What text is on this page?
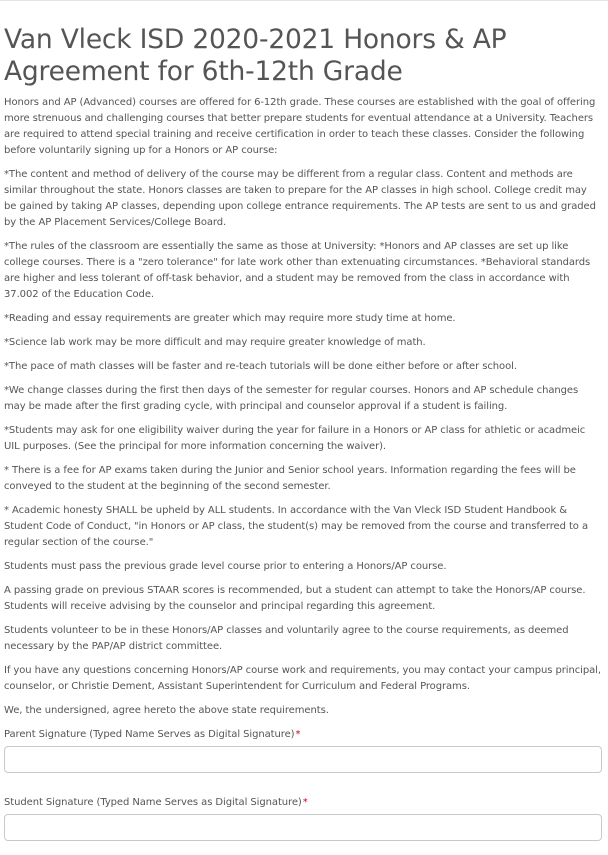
Van Vleck ISD 2020-2021 Honors & AP Agreement for 6th-12th Grade

Honors and AP (Advanced) courses are offered for 6-12th grade. These courses are established with the goal of offering more strenuous and challenging courses that better prepare students for eventual attendance at a University. Teachers are required to attend special training and receive certification in order to teach these classes. Consider the following before voluntarily signing up for a Honors or AP course:

*The content and method of delivery of the course may be different from a regular class. Content and methods are similar throughout the state. Honors classes are taken to prepare for the AP classes in high school. College credit may be gained by taking AP classes, depending upon college entrance requirements. The AP tests are sent to us and graded by the AP Placement Services/College Board.

*The rules of the classroom are essentially the same as those at University: *Honors and AP classes are set up like college courses. There is a "zero tolerance" for late work other than extenuating circumstances. *Behavioral standards are higher and less tolerant of off-task behavior, and a student may be removed from the class in accordance with 37.002 of the Education Code.

*Reading and essay requirements are greater which may require more study time at home.

*Science lab work may be more difficult and may require greater knowledge of math.

*The pace of math classes will be faster and re-teach tutorials will be done either before or after school.

*We change classes during the first then days of the semester for regular courses. Honors and AP schedule changes may be made after the first grading cycle, with principal and counselor approval if a student is failing.

*Students may ask for one eligibility waiver during the year for failure in a Honors or AP class for athletic or acadmeic UIL purposes. (See the principal for more information concerning the waiver).

* There is a fee for AP exams taken during the Junior and Senior school years. Information regarding the fees will be conveyed to the student at the beginning of the second semester.

* Academic honesty SHALL be upheld by ALL students. In accordance with the Van Vleck ISD Student Handbook & Student Code of Conduct, "in Honors or AP class, the student(s) may be removed from the course and transferred to a regular section of the course."

Students must pass the previous grade level course prior to entering a Honors/AP course.

A passing grade on previous STAAR scores is recommended, but a student can attempt to take the Honors/AP course. Students will receive advising by the counselor and principal regarding this agreement.

Students volunteer to be in these Honors/AP classes and voluntarily agree to the course requirements, as deemed necessary by the PAP/AP district committee.

If you have any questions concerning Honors/AP course work and requirements, you may contact your campus principal, counselor, or Christie Dement, Assistant Superintendent for Curriculum and Federal Programs.

We, the undersigned, agree hereto the above state requirements.

Parent Signature (Typed Name Serves as Digital Signature)*
Student Signature (Typed Name Serves as Digital Signature)*
